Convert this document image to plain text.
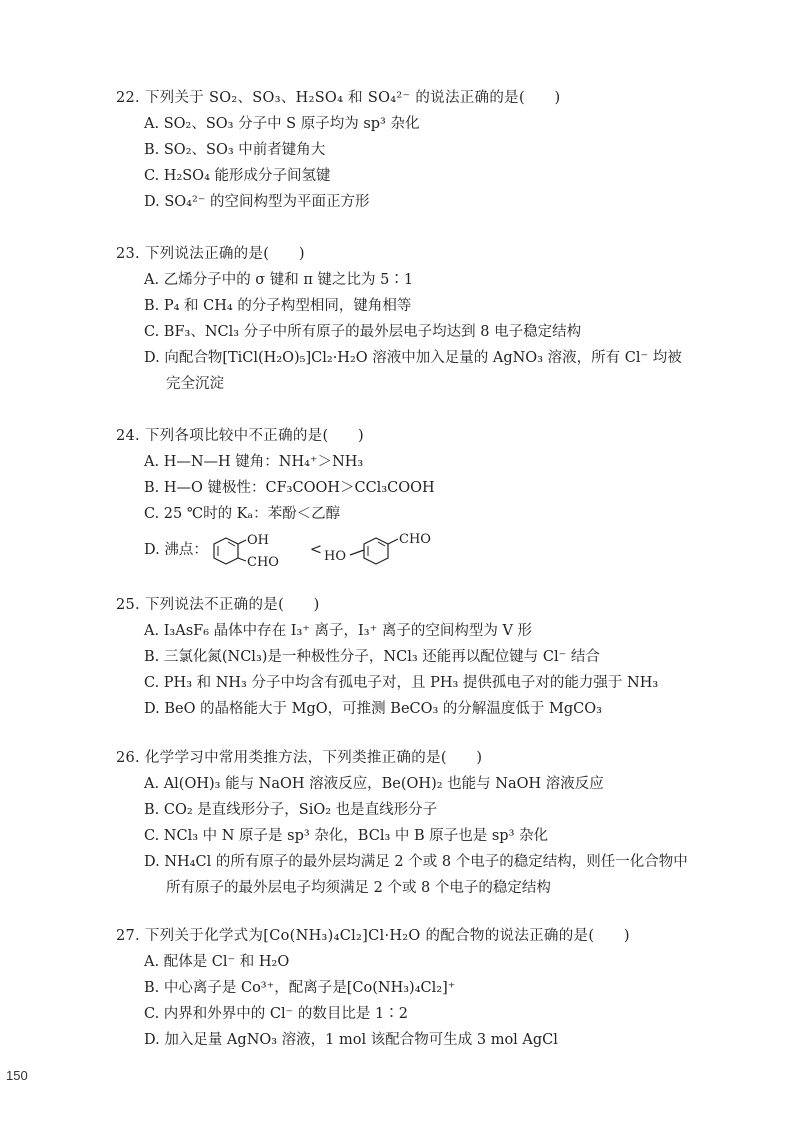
22. 下列关于 SO₂、SO₃、H₂SO₄ 和 SO₄²⁻ 的说法正确的是(　　)
A. SO₂、SO₃ 分子中 S 原子均为 sp³ 杂化
B. SO₂、SO₃ 中前者键角大
C. H₂SO₄ 能形成分子间氢键
D. SO₄²⁻ 的空间构型为平面正方形
23. 下列说法正确的是(　　)
A. 乙烯分子中的 σ 键和 π 键之比为 5∶1
B. P₄ 和 CH₄ 的分子构型相同，键角相等
C. BF₃、NCl₃ 分子中所有原子的最外层电子均达到 8 电子稳定结构
D. 向配合物[TiCl(H₂O)₅]Cl₂·H₂O 溶液中加入足量的 AgNO₃ 溶液，所有 Cl⁻ 均被
完全沉淀
24. 下列各项比较中不正确的是(　　)
A. H—N—H 键角：NH₄⁺＞NH₃
B. H—O 键极性：CF₃COOH＞CCl₃COOH
C. 25 ℃时的 Kₐ：苯酚＜乙醇
D. 沸点：
OH
CHO
< HO
CHO
25. 下列说法不正确的是(　　)
A. I₃AsF₆ 晶体中存在 I₃⁺ 离子，I₃⁺ 离子的空间构型为 V 形
B. 三氯化氮(NCl₃)是一种极性分子，NCl₃ 还能再以配位键与 Cl⁻ 结合
C. PH₃ 和 NH₃ 分子中均含有孤电子对，且 PH₃ 提供孤电子对的能力强于 NH₃
D. BeO 的晶格能大于 MgO，可推测 BeCO₃ 的分解温度低于 MgCO₃
26. 化学学习中常用类推方法，下列类推正确的是(　　)
A. Al(OH)₃ 能与 NaOH 溶液反应，Be(OH)₂ 也能与 NaOH 溶液反应
B. CO₂ 是直线形分子，SiO₂ 也是直线形分子
C. NCl₃ 中 N 原子是 sp³ 杂化，BCl₃ 中 B 原子也是 sp³ 杂化
D. NH₄Cl 的所有原子的最外层均满足 2 个或 8 个电子的稳定结构，则任一化合物中
所有原子的最外层电子均须满足 2 个或 8 个电子的稳定结构
27. 下列关于化学式为[Co(NH₃)₄Cl₂]Cl·H₂O 的配合物的说法正确的是(　　)
A. 配体是 Cl⁻ 和 H₂O
B. 中心离子是 Co³⁺，配离子是[Co(NH₃)₄Cl₂]⁺
C. 内界和外界中的 Cl⁻ 的数目比是 1∶2
D. 加入足量 AgNO₃ 溶液，1 mol 该配合物可生成 3 mol AgCl
150
